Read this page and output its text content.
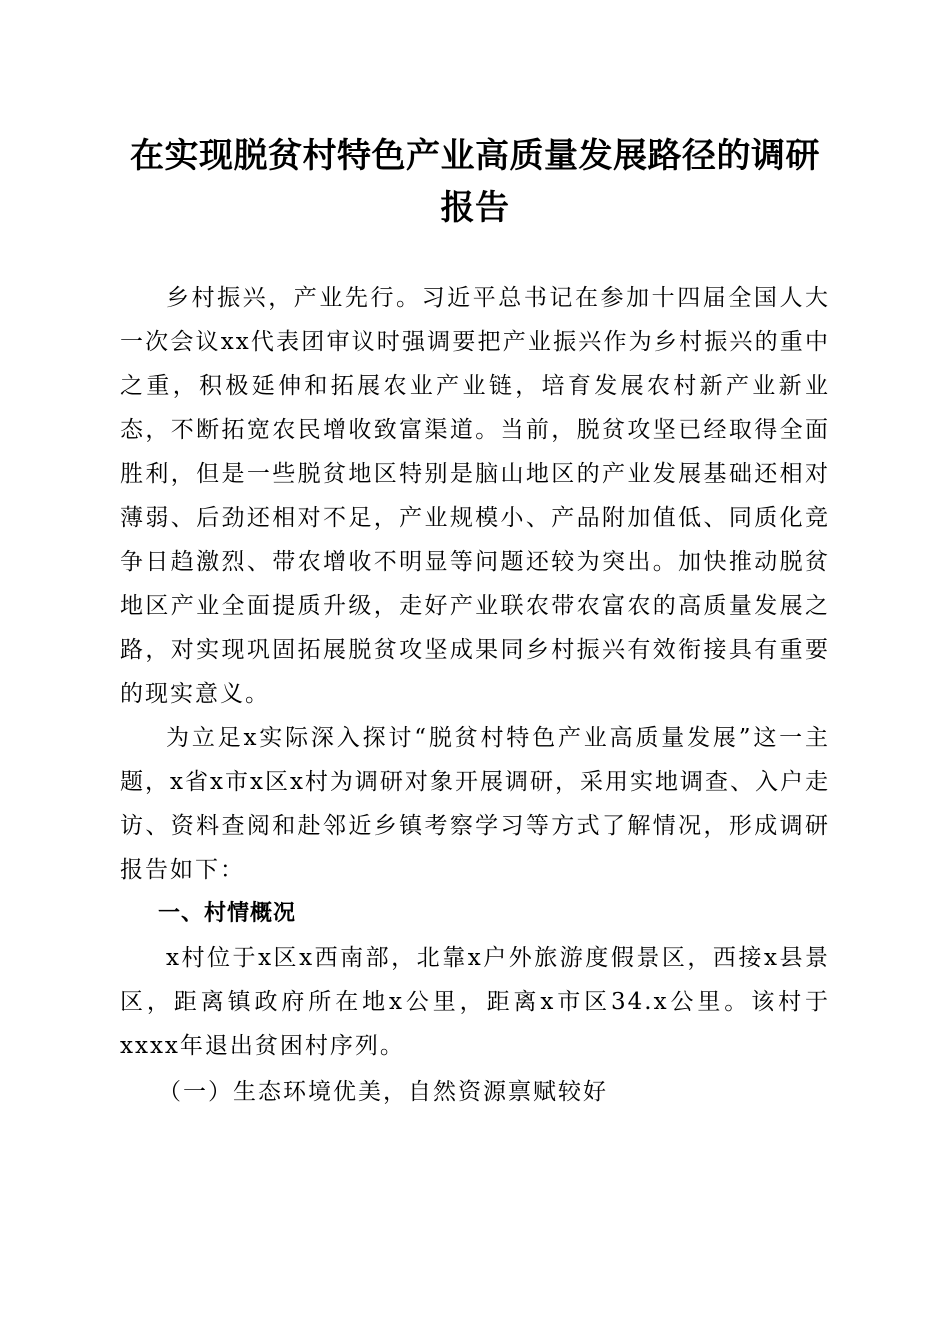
在实现脱贫村特色产业高质量发展路径的调研
报告

乡村振兴，产业先行。习近平总书记在参加十四届全国人大一次会议xx代表团审议时强调要把产业振兴作为乡村振兴的重中之重，积极延伸和拓展农业产业链，培育发展农村新产业新业态，不断拓宽农民增收致富渠道。当前，脱贫攻坚已经取得全面胜利，但是一些脱贫地区特别是脑山地区的产业发展基础还相对薄弱、后劲还相对不足，产业规模小、产品附加值低、同质化竞争日趋激烈、带农增收不明显等问题还较为突出。加快推动脱贫地区产业全面提质升级，走好产业联农带农富农的高质量发展之路，对实现巩固拓展脱贫攻坚成果同乡村振兴有效衔接具有重要的现实意义。

为立足x实际深入探讨“脱贫村特色产业高质量发展”这一主题，x省x市x区x村为调研对象开展调研，采用实地调查、入户走访、资料查阅和赴邻近乡镇考察学习等方式了解情况，形成调研报告如下：

一、村情概况

x村位于x区x西南部，北靠x户外旅游度假景区，西接x县景区，距离镇政府所在地x公里，距离x市区34.x公里。该村于xxxx年退出贫困村序列。

（一）生态环境优美，自然资源禀赋较好
